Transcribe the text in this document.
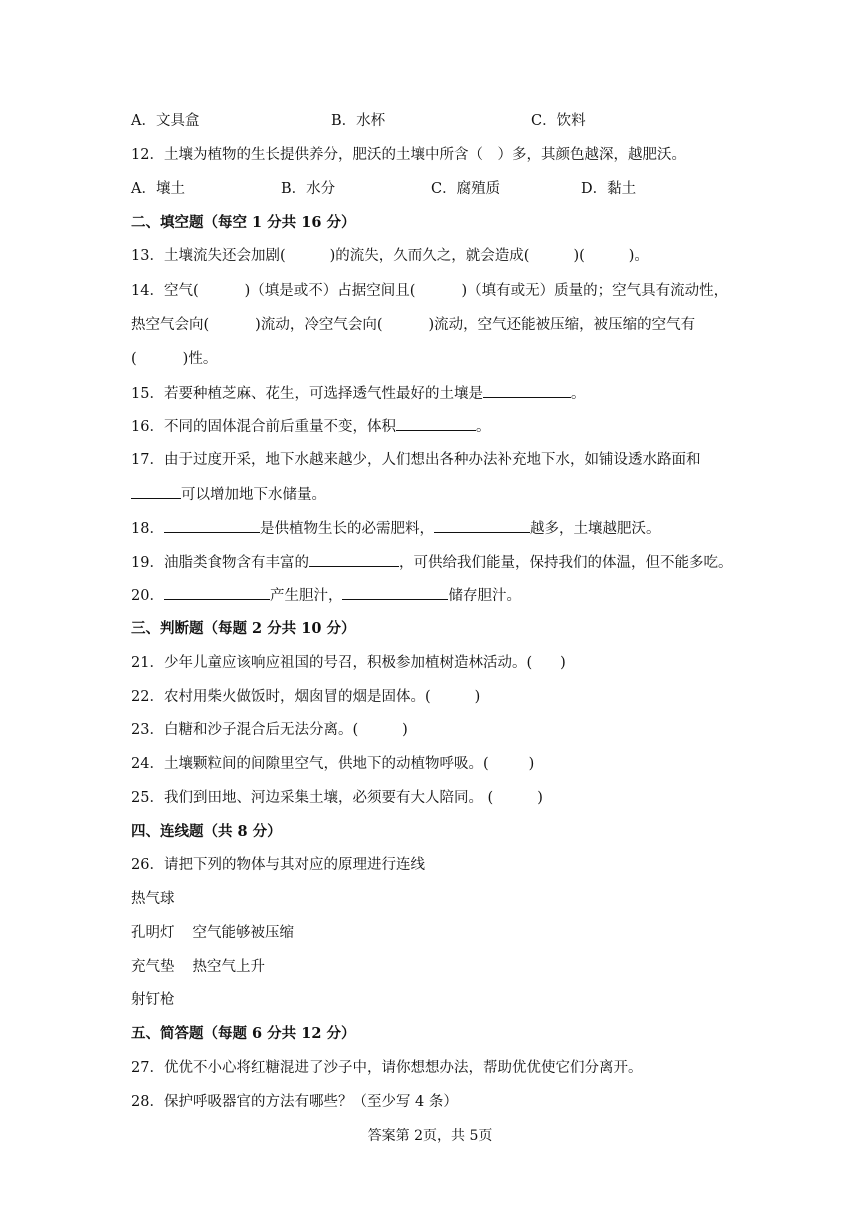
A．文具盒	B．水杯	C．饮料
12．土壤为植物的生长提供养分，肥沃的土壤中所含（　）多，其颜色越深，越肥沃。
A．壤土	B．水分	C．腐殖质	D．黏土
二、填空题（每空 1 分共 16 分）
13．土壤流失还会加剧(	)的流失，久而久之，就会造成(	)(	)。
14．空气(	)（填是或不）占据空间且(	)（填有或无）质量的；空气具有流动性，
热空气会向(	)流动，冷空气会向(	)流动，空气还能被压缩，被压缩的空气有
(	)性。
15．若要种植芝麻、花生，可选择透气性最好的土壤是	。
16．不同的固体混合前后重量不变，体积	。
17．由于过度开采，地下水越来越少，人们想出各种办法补充地下水，如铺设透水路面和
可以增加地下水储量。
18．	是供植物生长的必需肥料，	越多，土壤越肥沃。
19．油脂类食物含有丰富的	，可供给我们能量，保持我们的体温，但不能多吃。
20．	产生胆汁，	储存胆汁。
三、判断题（每题 2 分共 10 分）
21．少年儿童应该响应祖国的号召，积极参加植树造林活动。( )
22．农村用柴火做饭时，烟囱冒的烟是固体。(	)
23．白糖和沙子混合后无法分离。(	)
24．土壤颗粒间的间隙里空气，供地下的动植物呼吸。(	)
25．我们到田地、河边采集土壤，必须要有大人陪同。 (	)
四、连线题（共 8 分）
26．请把下列的物体与其对应的原理进行连线
热气球
孔明灯 空气能够被压缩
充气垫 热空气上升
射钉枪
五、简答题（每题 6 分共 12 分）
27．优优不小心将红糖混进了沙子中，请你想想办法，帮助优优使它们分离开。
28．保护呼吸器官的方法有哪些？（至少写 4 条）
答案第 2页，共 5页
